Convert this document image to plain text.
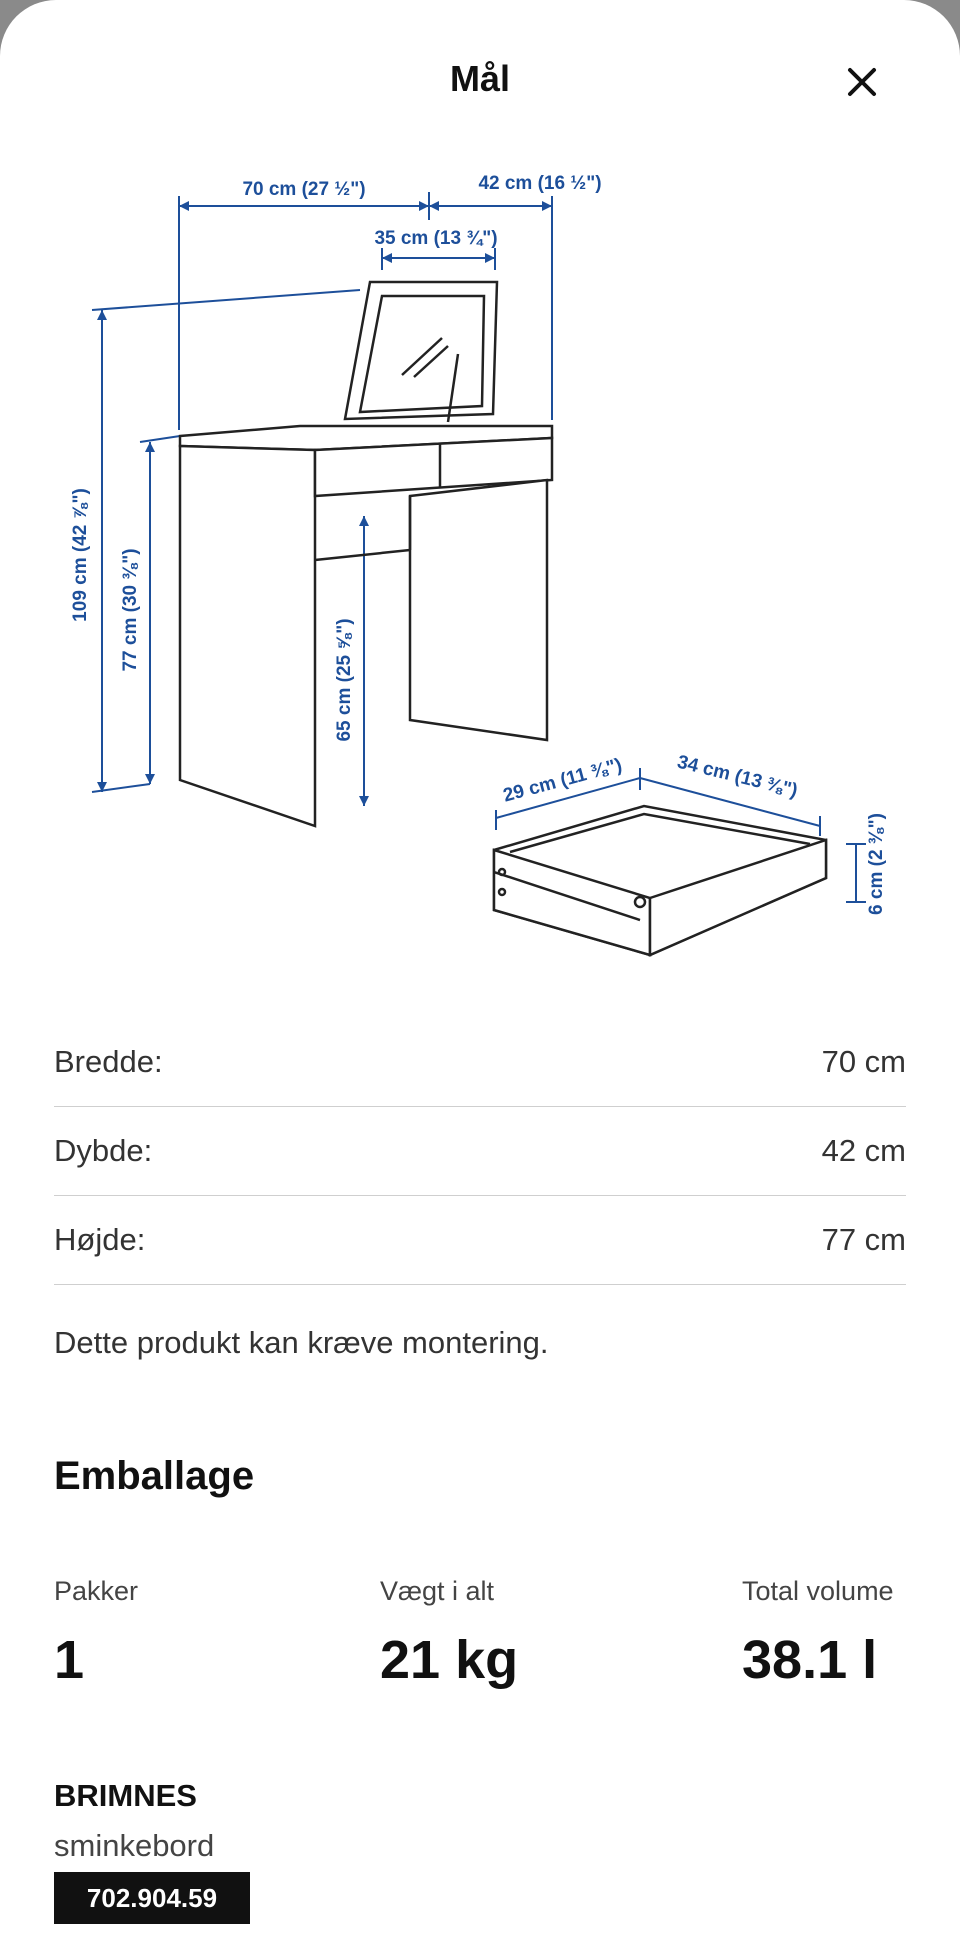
Mål
70 cm (27 ½")	42 cm (16 ½")
35 cm (13 ¾")
109 cm (42 ⅞") 77 cm (30 ⅜")
65 cm (25 ⅝")
29 cm (11 ⅜")	34 cm (13 ⅜")
6 cm (2 ⅜")
Bredde:	70 cm
Dybde:	42 cm
Højde:	77 cm
Dette produkt kan kræve montering.
Emballage
Pakker
1
Vægt i alt
21 kg
Total volume
38.1 l
BRIMNES
sminkebord
702.904.59
